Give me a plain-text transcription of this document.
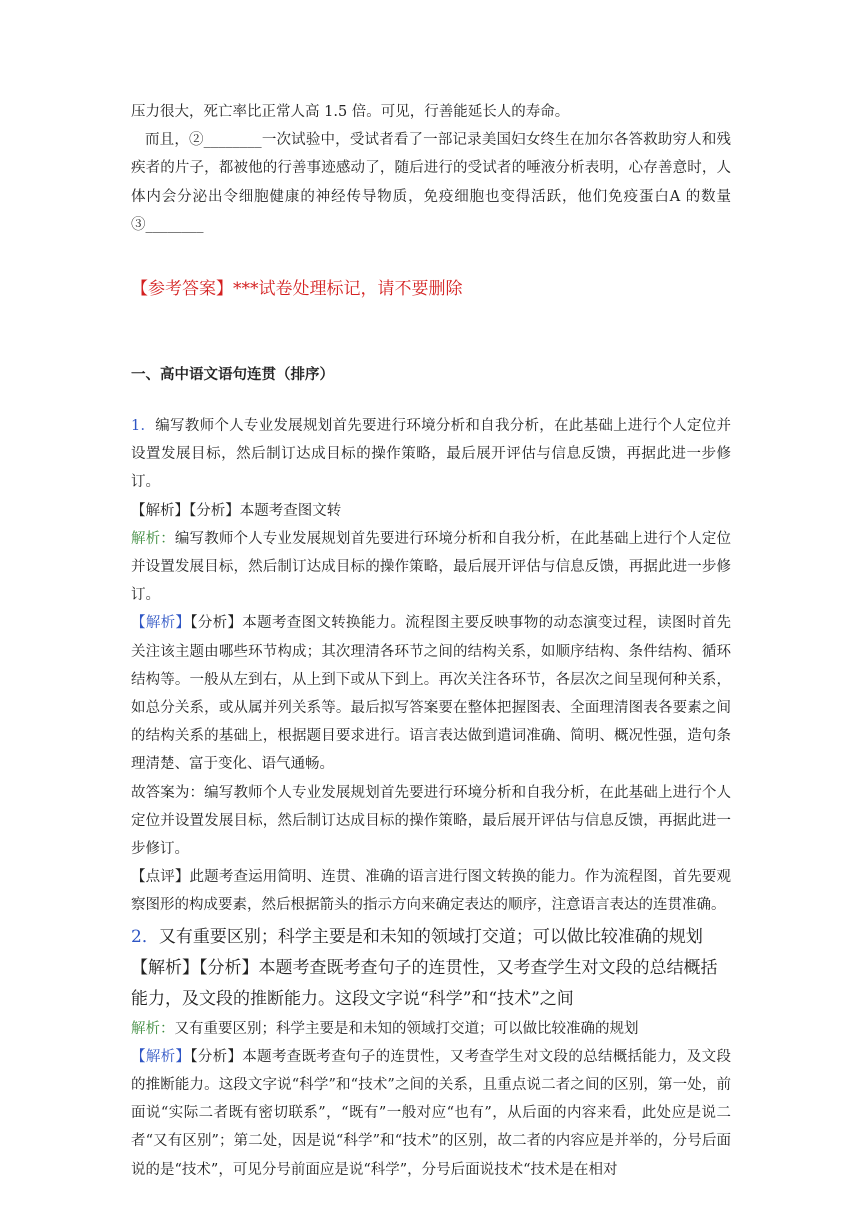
压力很大，死亡率比正常人高 1.5 倍。可见，行善能延长人的寿命。

而且，②________一次试验中，受试者看了一部记录美国妇女终生在加尔各答救助穷人和残疾者的片子，都被他的行善事迹感动了，随后进行的受试者的唾液分析表明，心存善意时，人体内会分泌出令细胞健康的神经传导物质，免疫细胞也变得活跃，他们免疫蛋白A 的数量③________

【参考答案】***试卷处理标记，请不要删除

一、高中语文语句连贯（排序）

1．编写教师个人专业发展规划首先要进行环境分析和自我分析，在此基础上进行个人定位并设置发展目标，然后制订达成目标的操作策略，最后展开评估与信息反馈，再据此进一步修订。

【解析】【分析】本题考查图文转

解析：编写教师个人专业发展规划首先要进行环境分析和自我分析，在此基础上进行个人定位并设置发展目标，然后制订达成目标的操作策略，最后展开评估与信息反馈，再据此进一步修订。

【解析】【分析】本题考查图文转换能力。流程图主要反映事物的动态演变过程，读图时首先关注该主题由哪些环节构成；其次理清各环节之间的结构关系，如顺序结构、条件结构、循环结构等。一般从左到右，从上到下或从下到上。再次关注各环节，各层次之间呈现何种关系，如总分关系，或从属并列关系等。最后拟写答案要在整体把握图表、全面理清图表各要素之间的结构关系的基础上，根据题目要求进行。语言表达做到遣词准确、简明、概况性强，造句条理清楚、富于变化、语气通畅。

故答案为：编写教师个人专业发展规划首先要进行环境分析和自我分析，在此基础上进行个人定位并设置发展目标，然后制订达成目标的操作策略，最后展开评估与信息反馈，再据此进一步修订。

【点评】此题考查运用简明、连贯、准确的语言进行图文转换的能力。作为流程图，首先要观察图形的构成要素，然后根据箭头的指示方向来确定表达的顺序，注意语言表达的连贯准确。

2．又有重要区别；科学主要是和未知的领域打交道；可以做比较准确的规划

【解析】【分析】本题考查既考查句子的连贯性，又考查学生对文段的总结概括能力，及文段的推断能力。这段文字说“科学”和“技术”之间

解析：又有重要区别；科学主要是和未知的领域打交道；可以做比较准确的规划

【解析】【分析】本题考查既考查句子的连贯性，又考查学生对文段的总结概括能力，及文段的推断能力。这段文字说“科学”和“技术”之间的关系，且重点说二者之间的区别，第一处，前面说“实际二者既有密切联系”，“既有”一般对应“也有”，从后面的内容来看，此处应是说二者“又有区别”；第二处，因是说“科学”和“技术”的区别，故二者的内容应是并举的，分号后面说的是“技术”，可见分号前面应是说“科学”，分号后面说技术“技术是在相对
